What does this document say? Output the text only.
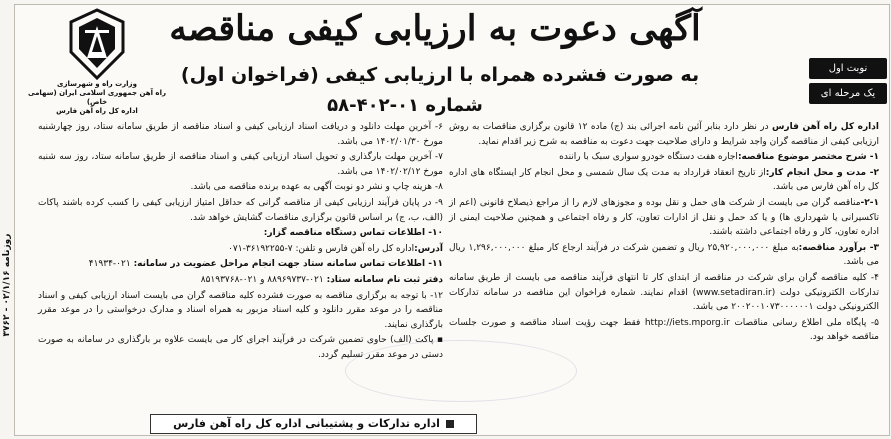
وزارت راه و شهرسازی
راه آهن جمهوری اسلامی ایران (سهامی خاص)
اداره کل راه آهن فارس
آگهی دعوت به ارزیابی کیفی مناقصه
به صورت فشرده همراه با ارزیابی کیفی (فراخوان اول)
شماره ۰۱-۴۰۲-۵۸
نوبت اول
یک مرحله ای
روزنامه ۰۲/۱/۱۶ - ۳۷۶۲

اداره کل راه آهن فارس در نظر دارد بنابر آئین نامه اجرائی بند (ج) ماده ۱۲ قانون برگزاری مناقصات به روش ارزیابی کیفی از مناقصه گران واجد شرایط و دارای صلاحیت جهت دعوت به مناقصه به شرح زیر اقدام نماید.

۱- شرح مختصر موضوع مناقصه:اجاره هفت دستگاه خودرو سواری سبک با راننده

۲- مدت و محل انجام کار:از تاریخ انعقاد قرارداد به مدت یک سال شمسی و محل انجام کار ایستگاه های اداره کل راه آهن فارس می باشد.

۲-۱-مناقصه گران می بایست از شرکت های حمل و نقل بوده و مجوزهای لازم را از مراجع ذیصلاح قانونی (اعم از تاکسیرانی یا شهرداری ها) و یا کد حمل و نقل از ادارات تعاون، کار و رفاه اجتماعی و همچنین صلاحیت ایمنی از اداره تعاون، کار و رفاه اجتماعی داشته باشند.

۳- برآورد مناقصه:به مبلغ ۲۵,۹۲۰,۰۰۰,۰۰۰ ریال و تضمین شرکت در فرآیند ارجاع کار مبلغ ۱,۲۹۶,۰۰۰,۰۰۰ ریال می باشد.

۴- کلیه مناقصه گران برای شرکت در مناقصه از ابتدای کار تا انتهای فرآیند مناقصه می بایست از طریق سامانه تدارکات الکترونیکی دولت (www.setadiran.ir) اقدام نمایند. شماره فراخوان این مناقصه در سامانه تدارکات الکترونیکی دولت ۲۰۰۲۰۰۱۰۷۳۰۰۰۰۰۰۱ می باشد.

۵- پایگاه ملی اطلاع رسانی مناقصات http://iets.mporg.ir فقط جهت رؤیت اسناد مناقصه و صورت جلسات مناقصه خواهد بود.

۶- آخرین مهلت دانلود و دریافت اسناد ارزیابی کیفی و اسناد مناقصه از طریق سامانه ستاد، روز چهارشنبه مورخ ۱۴۰۲/۰۱/۳۰ می باشد.

۷- آخرین مهلت بارگذاری و تحویل اسناد ارزیابی کیفی و اسناد مناقصه از طریق سامانه ستاد، روز سه شنبه مورخ ۱۴۰۲/۰۲/۱۲ می باشد.

۸- هزینه چاپ و نشر دو نوبت آگهی به عهده برنده مناقصه می باشد.

۹- در پایان فرآیند ارزیابی کیفی از مناقصه گرانی که حداقل امتیاز ارزیابی کیفی را کسب کرده باشند پاکات (الف، ب، ج) بر اساس قانون برگزاری مناقصات گشایش خواهد شد.

۱۰- اطلاعات تماس دستگاه مناقصه گزار:

آدرس:اداره کل راه آهن فارس و تلفن: ۷-۳۶۱۹۲۲۵۵-۰۷۱

۱۱- اطلاعات تماس سامانه ستاد جهت انجام مراحل عضویت در سامانه: ۰۲۱-۴۱۹۳۴

دفتر ثبت نام سامانه ستاد: ۰۲۱-۸۸۹۶۹۷۳۷ و ۰۲۱-۸۵۱۹۳۷۶۸

۱۲- با توجه به برگزاری مناقصه به صورت فشرده کلیه مناقصه گران می بایست اسناد ارزیابی کیفی و اسناد مناقصه را در موعد مقرر دانلود و کلیه اسناد مزبور به همراه اسناد و مدارک درخواستی را در موعد مقرر بارگذاری نمایند.

▪ پاکت (الف) حاوی تضمین شرکت در فرآیند اجرای کار می بایست علاوه بر بارگذاری در سامانه به صورت دستی در موعد مقرر تسلیم گردد.

اداره تدارکات و پشتیبانی اداره کل راه آهن فارس
